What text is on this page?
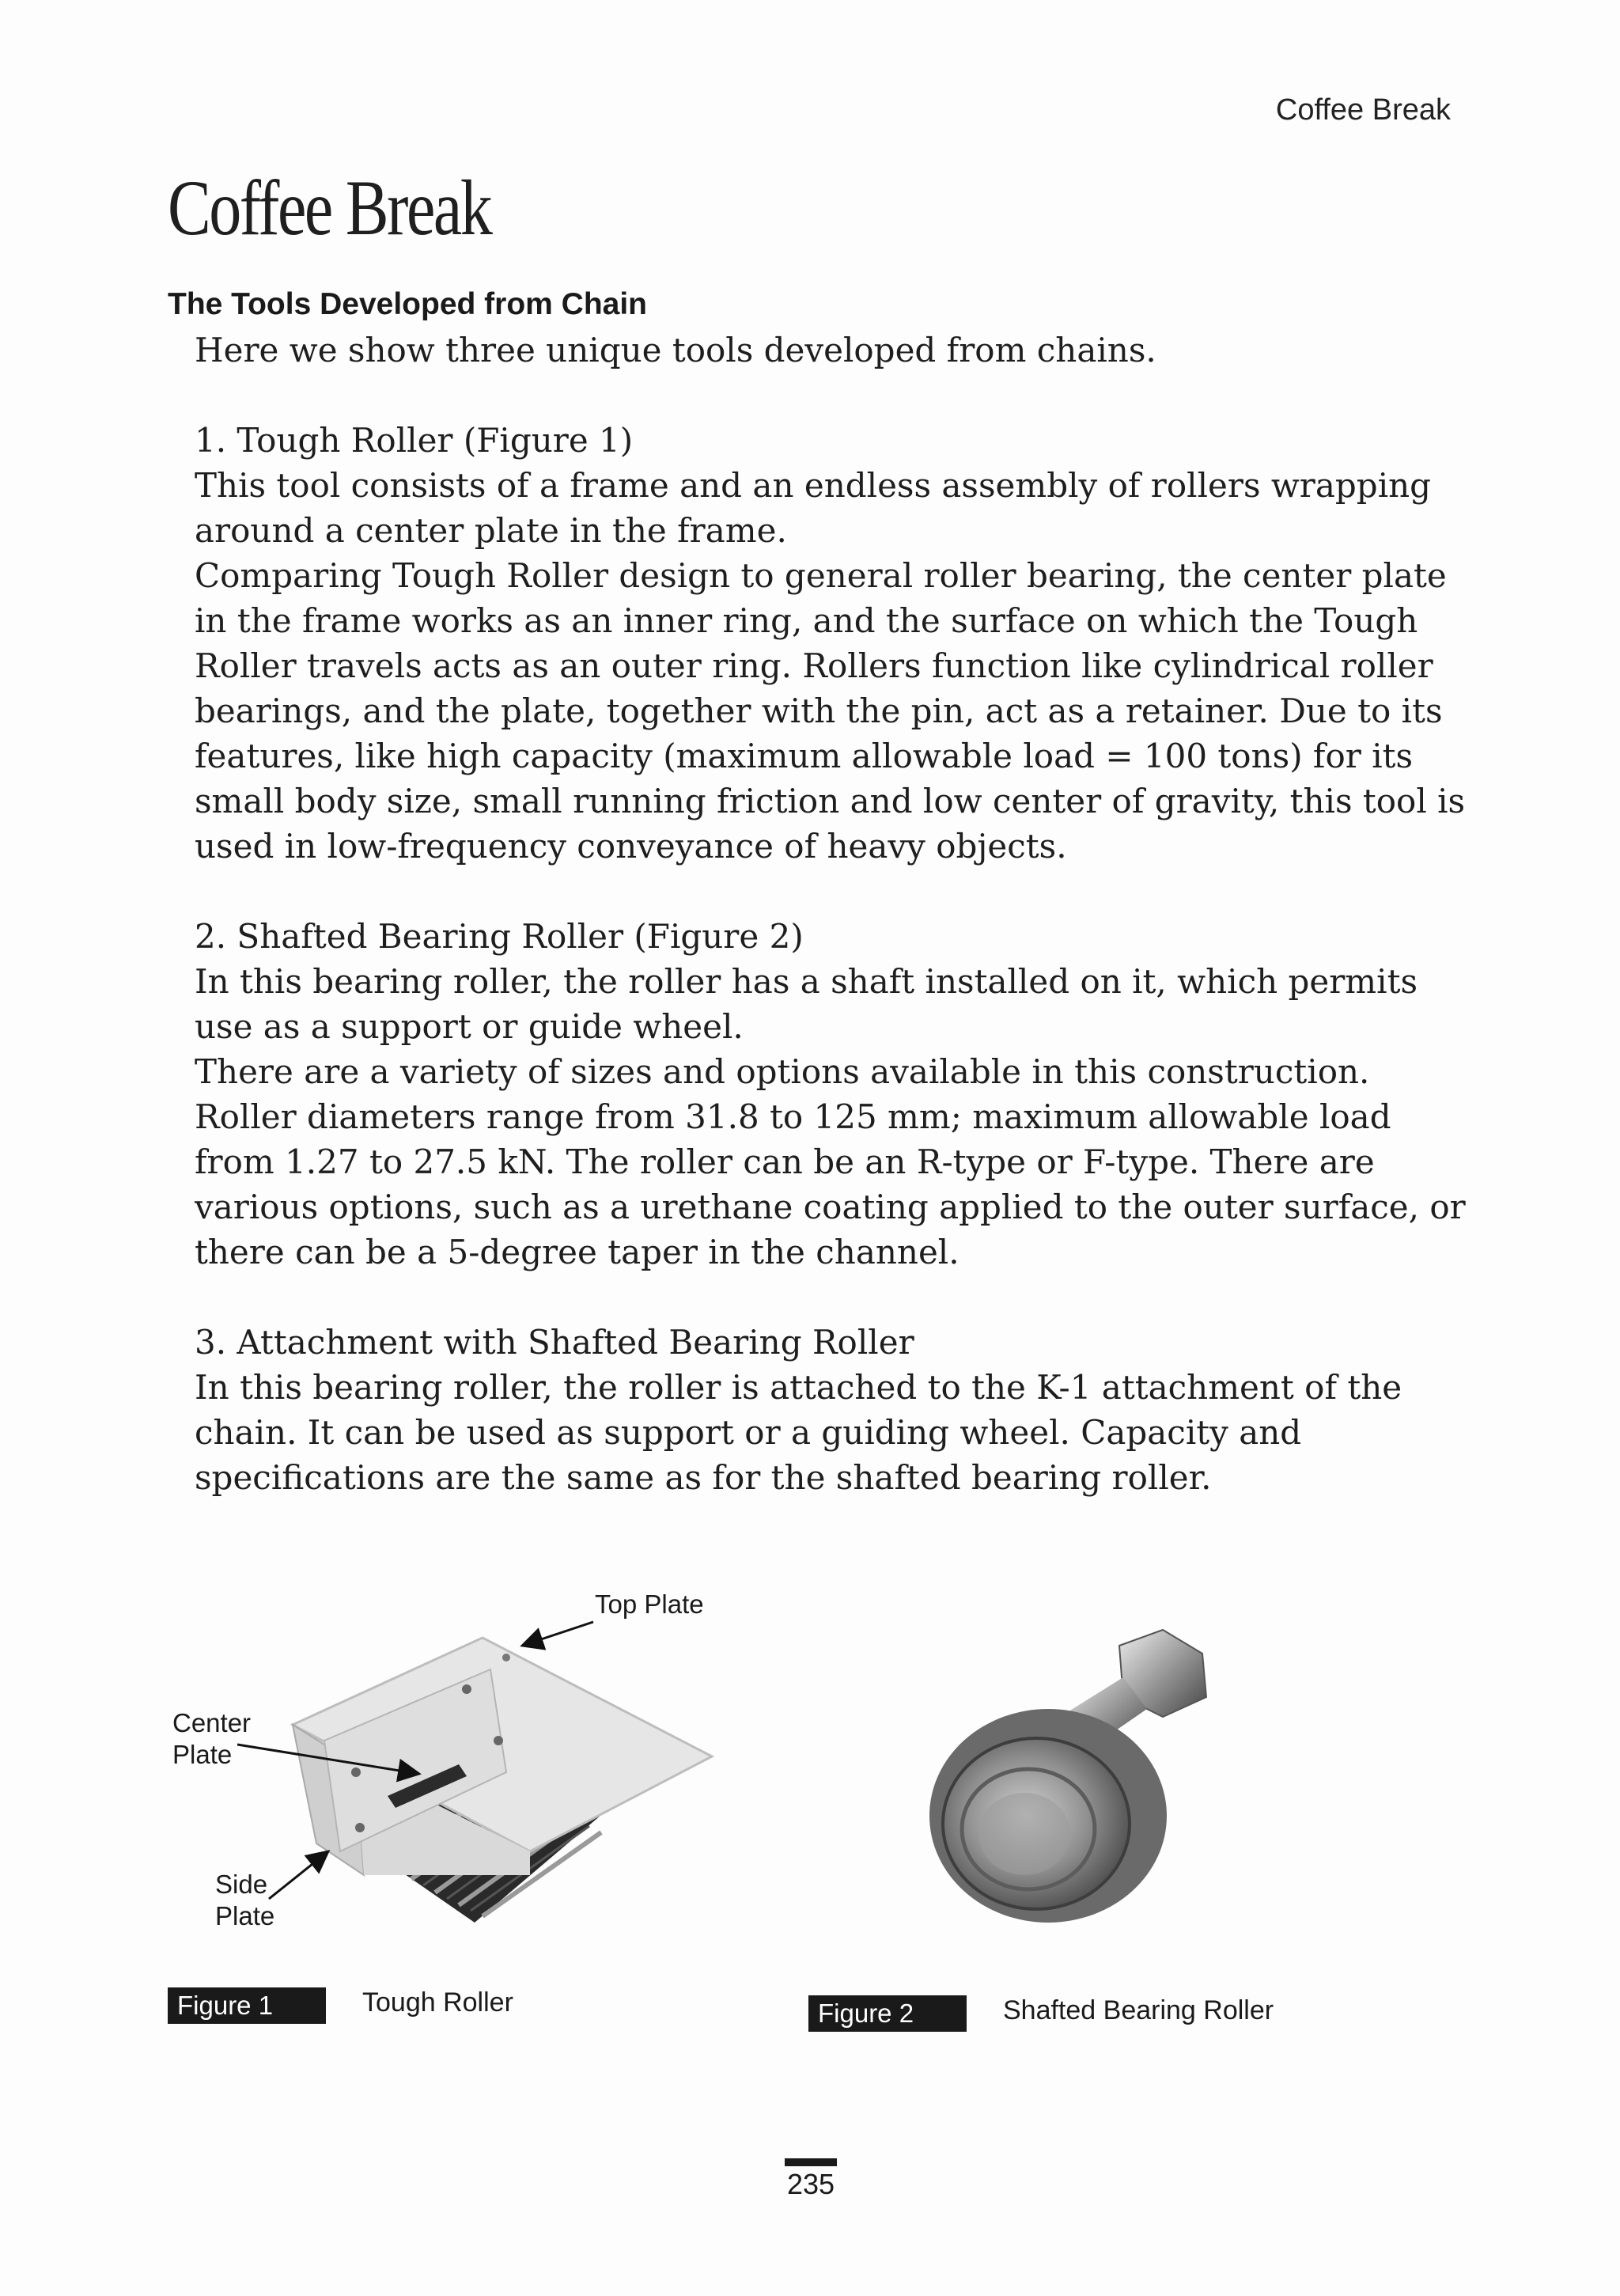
Coffee Break
Coffee Break
The Tools Developed from Chain

Here we show three unique tools developed from chains.

1. Tough Roller (Figure 1)

This tool consists of a frame and an endless assembly of rollers wrapping around a center plate in the frame.

Comparing Tough Roller design to general roller bearing, the center plate in the frame works as an inner ring, and the surface on which the Tough Roller travels acts as an outer ring. Rollers function like cylindrical roller bearings, and the plate, together with the pin, act as a retainer. Due to its features, like high capacity (maximum allowable load = 100 tons) for its small body size, small running friction and low center of gravity, this tool is used in low-frequency conveyance of heavy objects.

2. Shafted Bearing Roller (Figure 2)

In this bearing roller, the roller has a shaft installed on it, which permits use as a support or guide wheel.

There are a variety of sizes and options available in this construction. Roller diameters range from 31.8 to 125 mm; maximum allowable load from 1.27 to 27.5 kN. The roller can be an R-type or F-type. There are various options, such as a urethane coating applied to the outer surface, or there can be a 5-degree taper in the channel.

3. Attachment with Shafted Bearing Roller

In this bearing roller, the roller is attached to the K-1 attachment of the chain. It can be used as support or a guiding wheel. Capacity and specifications are the same as for the shafted bearing roller.

Top Plate
Center
Plate
Side
Plate
Figure 1	Tough Roller	Figure 2	Shafted Bearing Roller
235
